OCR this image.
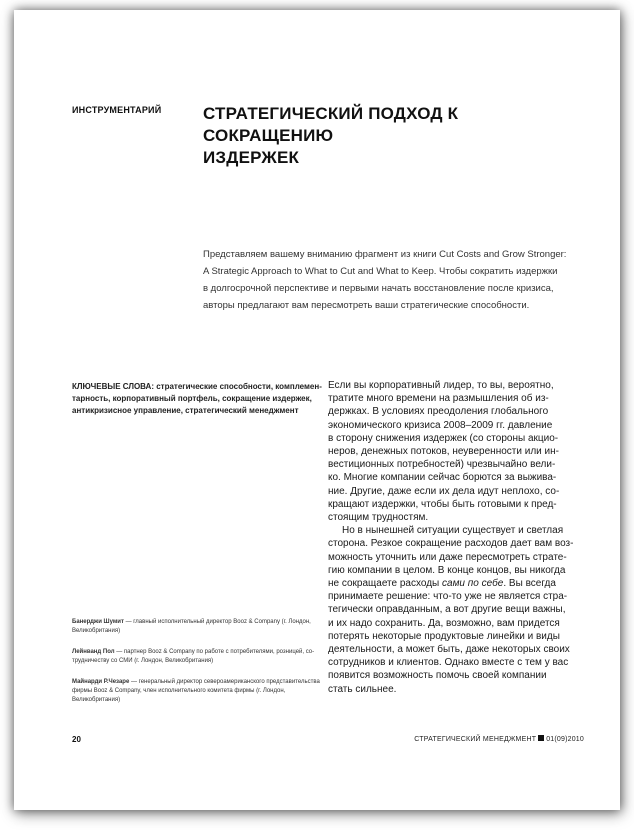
ИНСТРУМЕНТАРИЙ СТРАТЕГИЧЕСКИЙ ПОДХОД К СОКРАЩЕНИЮ
ИЗДЕРЖЕК
Представляем вашему вниманию фрагмент из книги Cut Costs and Grow Stronger:
A Strategic Approach to What to Cut and What to Keep. Чтобы сократить издержки
в долгосрочной перспективе и первыми начать восстановление после кризиса,
авторы предлагают вам пересмотреть ваши стратегические способности.
КЛЮЧЕВЫЕ СЛОВА: стратегические способности, комплемен-
тарность, корпоративный портфель, сокращение издержек,
антикризисное управление, стратегический менеджмент
Банерджи Шумит — главный исполнительный директор Booz & Company (г. Лондон,
Великобритания)
Лейнванд Пол — партнер Booz & Company по работе с потребителями, розницей, со-
трудничеству со СМИ (г. Лондон, Великобритания)
Майнарди Р.Чезаре — генеральный директор североамериканского представительства
фирмы Booz & Company, член исполнительного комитета фирмы (г. Лондон, Великобритания)
Если вы корпоративный лидер, то вы, вероятно,
тратите много времени на размышления об из-
держках. В условиях преодоления глобального
экономического кризиса 2008–2009 гг. давление
в сторону снижения издержек (со стороны акцио-
неров, денежных потоков, неуверенности или ин-
вестиционных потребностей) чрезвычайно вели-
ко. Многие компании сейчас борются за выжива-
ние. Другие, даже если их дела идут неплохо, со-
кращают издержки, чтобы быть готовыми к пред-
стоящим трудностям.
Но в нынешней ситуации существует и светлая
сторона. Резкое сокращение расходов дает вам воз-
можность уточнить или даже пересмотреть страте-
гию компании в целом. В конце концов, вы никогда
не сокращаете расходы сами по себе. Вы всегда
принимаете решение: что-то уже не является стра-
тегически оправданным, а вот другие вещи важны,
и их надо сохранить. Да, возможно, вам придется
потерять некоторые продуктовые линейки и виды
деятельности, а может быть, даже некоторых своих
сотрудников и клиентов. Однако вместе с тем у вас
появится возможность помочь своей компании
стать сильнее.
20	СТРАТЕГИЧЕСКИЙ МЕНЕДЖМЕНТ 01(09)2010
